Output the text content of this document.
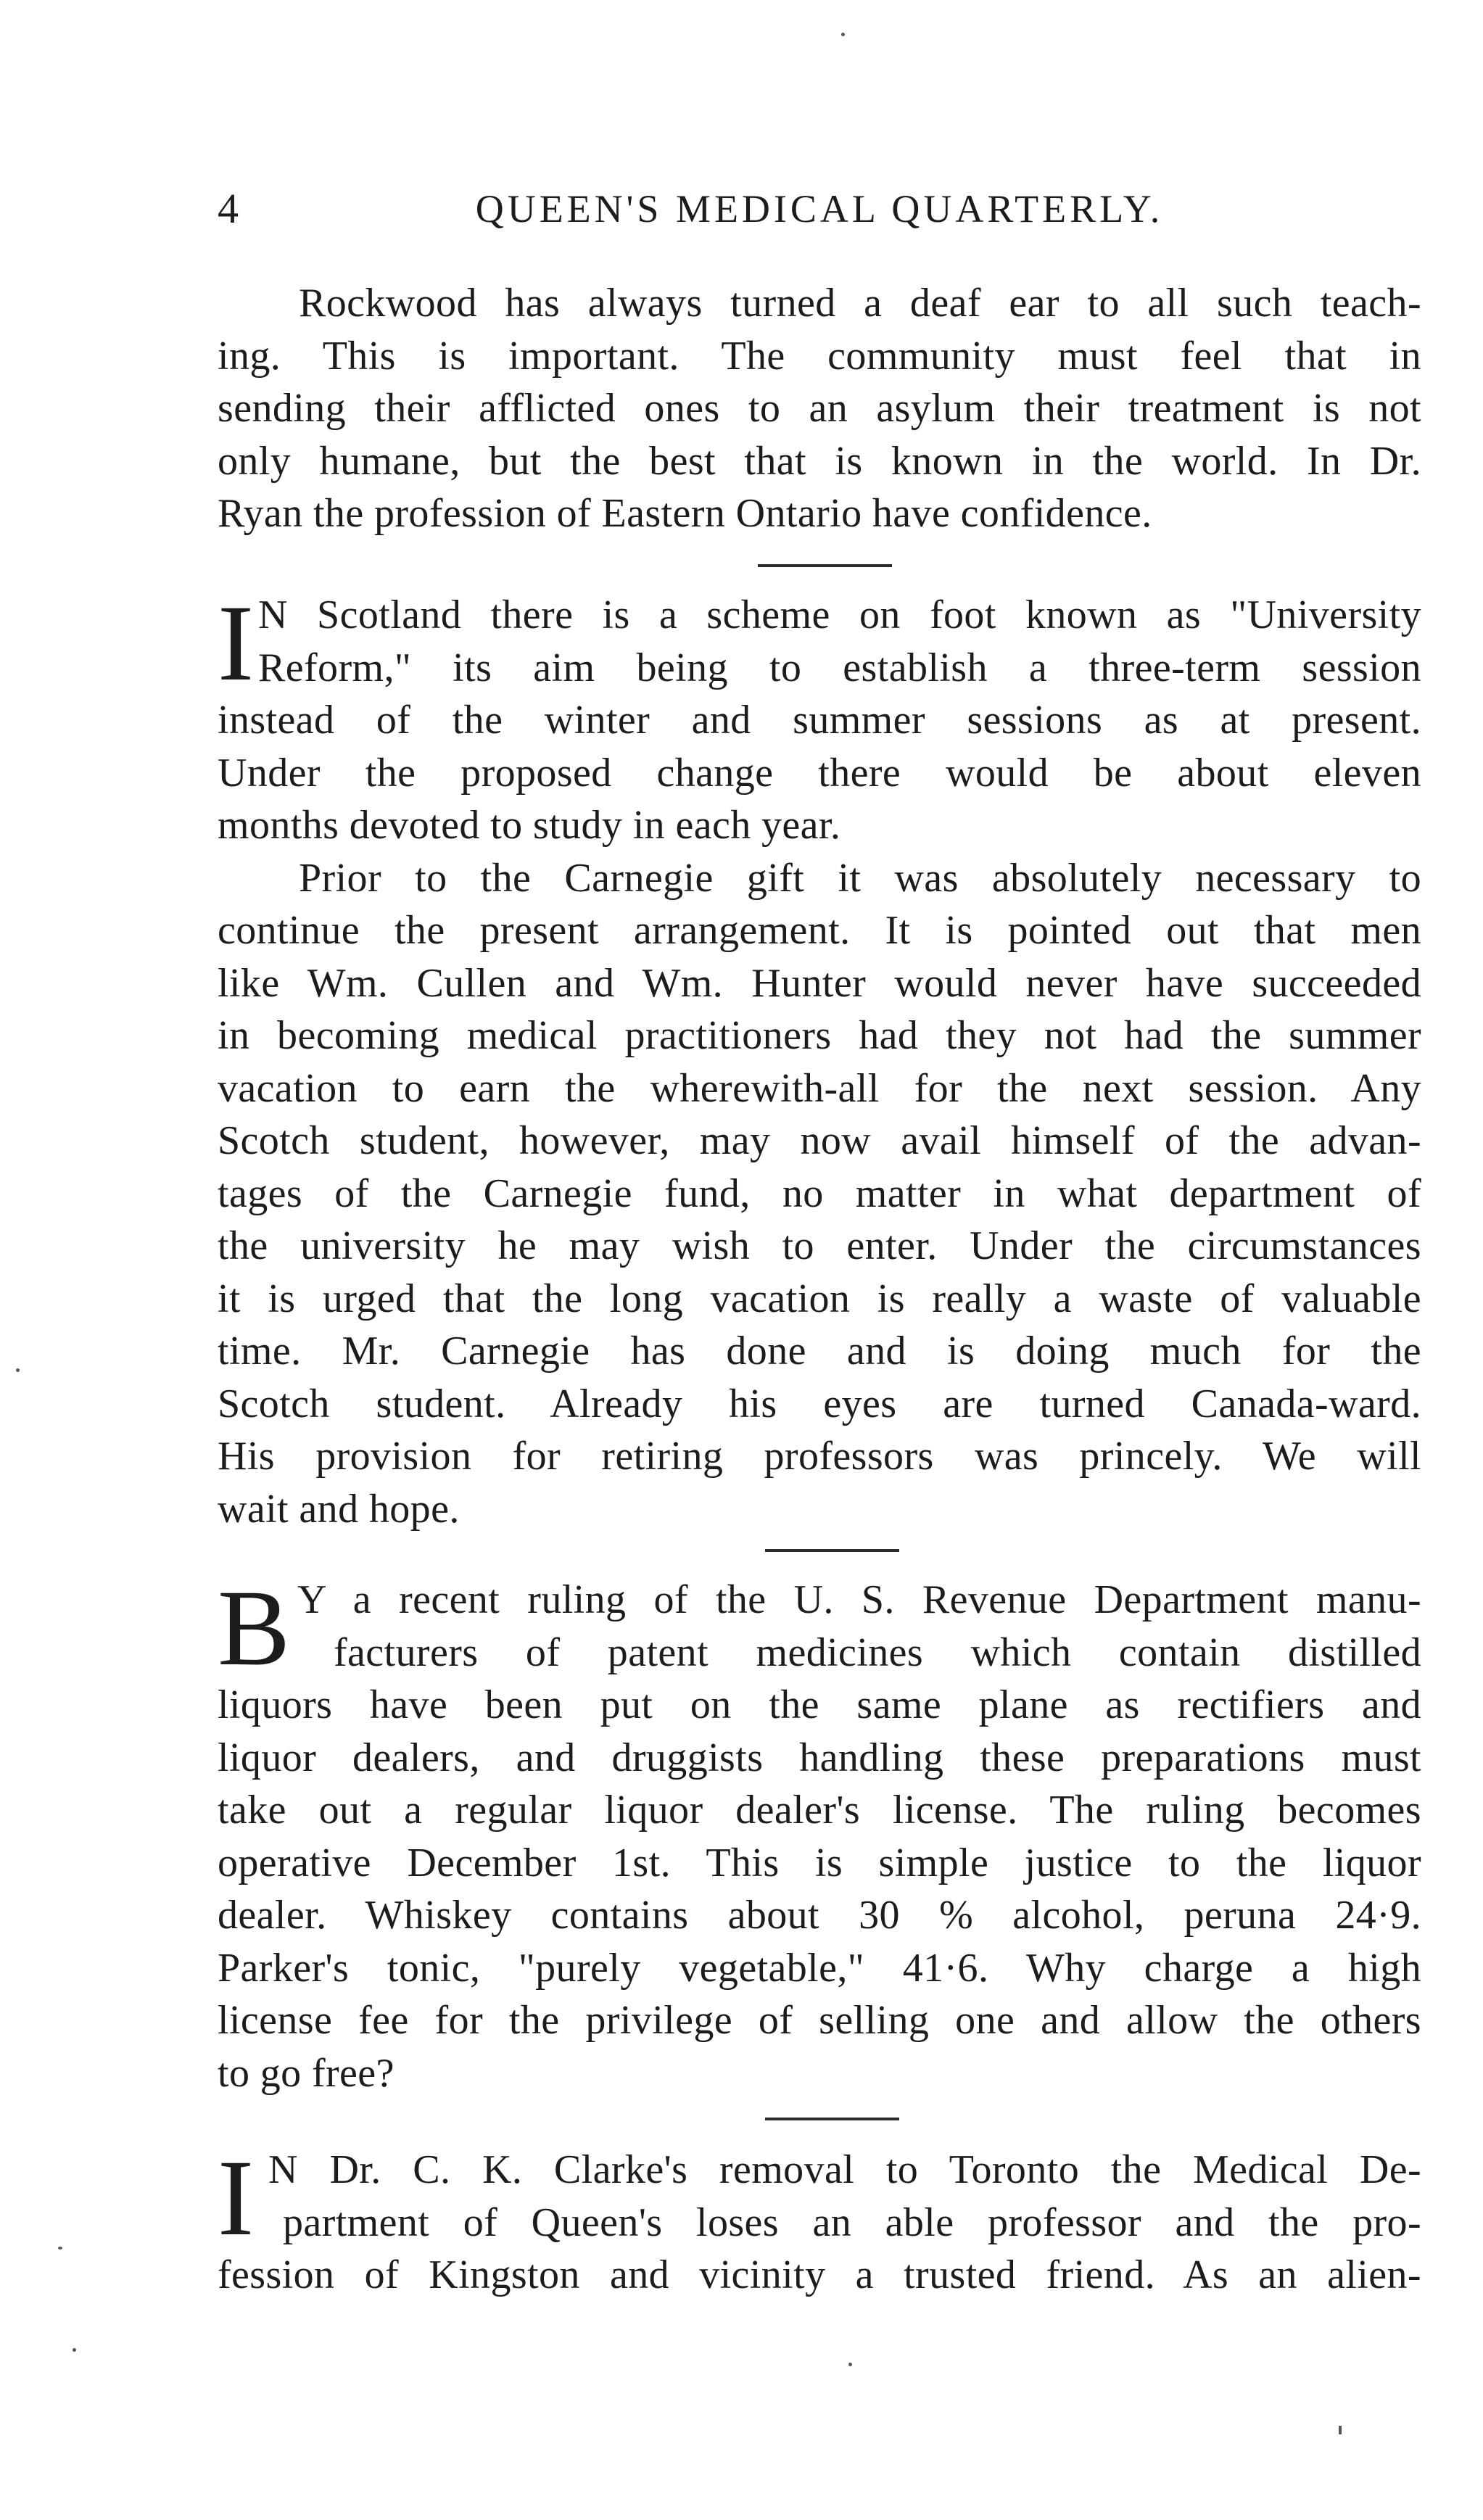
4	QUEEN'S MEDICAL QUARTERLY.
Rockwood has always turned a deaf ear to all such teach-
ing. This is important. The community must feel that in
sending their afflicted ones to an asylum their treatment is not
only humane, but the best that is known in the world. In Dr.
Ryan the profession of Eastern Ontario have confidence.
I N Scotland there is a scheme on foot known as "University
Reform," its aim being to establish a three-term session
instead of the winter and summer sessions as at present.
Under the proposed change there would be about eleven
months devoted to study in each year.
Prior to the Carnegie gift it was absolutely necessary to
continue the present arrangement. It is pointed out that men
like Wm. Cullen and Wm. Hunter would never have succeeded
in becoming medical practitioners had they not had the summer
vacation to earn the wherewith-all for the next session. Any
Scotch student, however, may now avail himself of the advan-
tages of the Carnegie fund, no matter in what department of
the university he may wish to enter. Under the circumstances
it is urged that the long vacation is really a waste of valuable
time. Mr. Carnegie has done and is doing much for the
Scotch student. Already his eyes are turned Canada-ward.
His provision for retiring professors was princely. We will
wait and hope.
B Y a recent ruling of the U. S. Revenue Department manu-
facturers of patent medicines which contain distilled
liquors have been put on the same plane as rectifiers and
liquor dealers, and druggists handling these preparations must
take out a regular liquor dealer's license. The ruling becomes
operative December 1st. This is simple justice to the liquor
dealer. Whiskey contains about 30 % alcohol, peruna 24·9.
Parker's tonic, "purely vegetable," 41·6. Why charge a high
license fee for the privilege of selling one and allow the others
to go free?
I N Dr. C. K. Clarke's removal to Toronto the Medical De-
partment of Queen's loses an able professor and the pro-
fession of Kingston and vicinity a trusted friend. As an alien-
